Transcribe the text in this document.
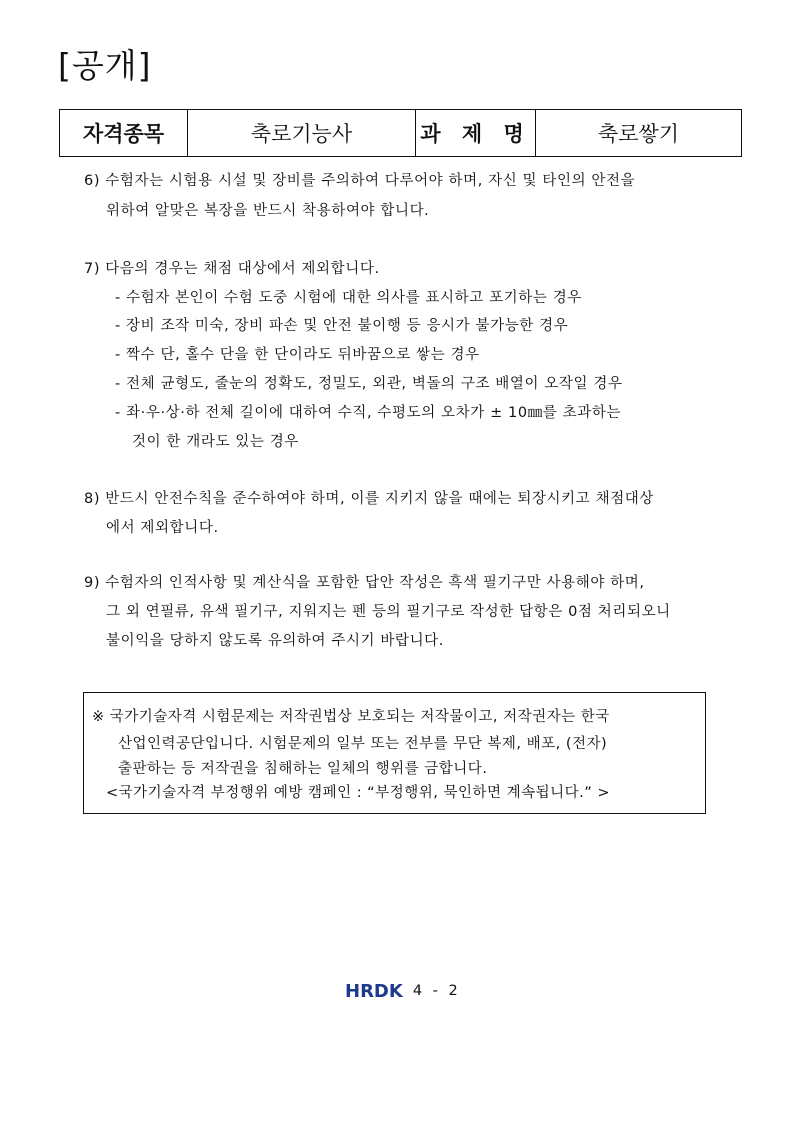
[공개]
자격종목	축로기능사	과 제 명	축로쌓기
6) 수험자는 시험용 시설 및 장비를 주의하여 다루어야 하며, 자신 및 타인의 안전을
위하여 알맞은 복장을 반드시 착용하여야 합니다.
7) 다음의 경우는 채점 대상에서 제외합니다.
- 수험자 본인이 수험 도중 시험에 대한 의사를 표시하고 포기하는 경우
- 장비 조작 미숙, 장비 파손 및 안전 불이행 등 응시가 불가능한 경우
- 짝수 단, 홀수 단을 한 단이라도 뒤바꿈으로 쌓는 경우
- 전체 균형도, 줄눈의 정확도, 정밀도, 외관, 벽돌의 구조 배열이 오작일 경우
- 좌·우·상·하 전체 길이에 대하여 수직, 수평도의 오차가 ± 10㎜를 초과하는
것이 한 개라도 있는 경우
8) 반드시 안전수칙을 준수하여야 하며, 이를 지키지 않을 때에는 퇴장시키고 채점대상
에서 제외합니다.
9) 수험자의 인적사항 및 계산식을 포함한 답안 작성은 흑색 필기구만 사용해야 하며,
그 외 연필류, 유색 필기구, 지워지는 펜 등의 필기구로 작성한 답항은 0점 처리되오니
불이익을 당하지 않도록 유의하여 주시기 바랍니다.
※ 국가기술자격 시험문제는 저작권법상 보호되는 저작물이고, 저작권자는 한국
산업인력공단입니다. 시험문제의 일부 또는 전부를 무단 복제, 배포, (전자)
출판하는 등 저작권을 침해하는 일체의 행위를 금합니다.
<국가기술자격 부정행위 예방 캠페인 : “부정행위, 묵인하면 계속됩니다.” >
HRDK 4 - 2
